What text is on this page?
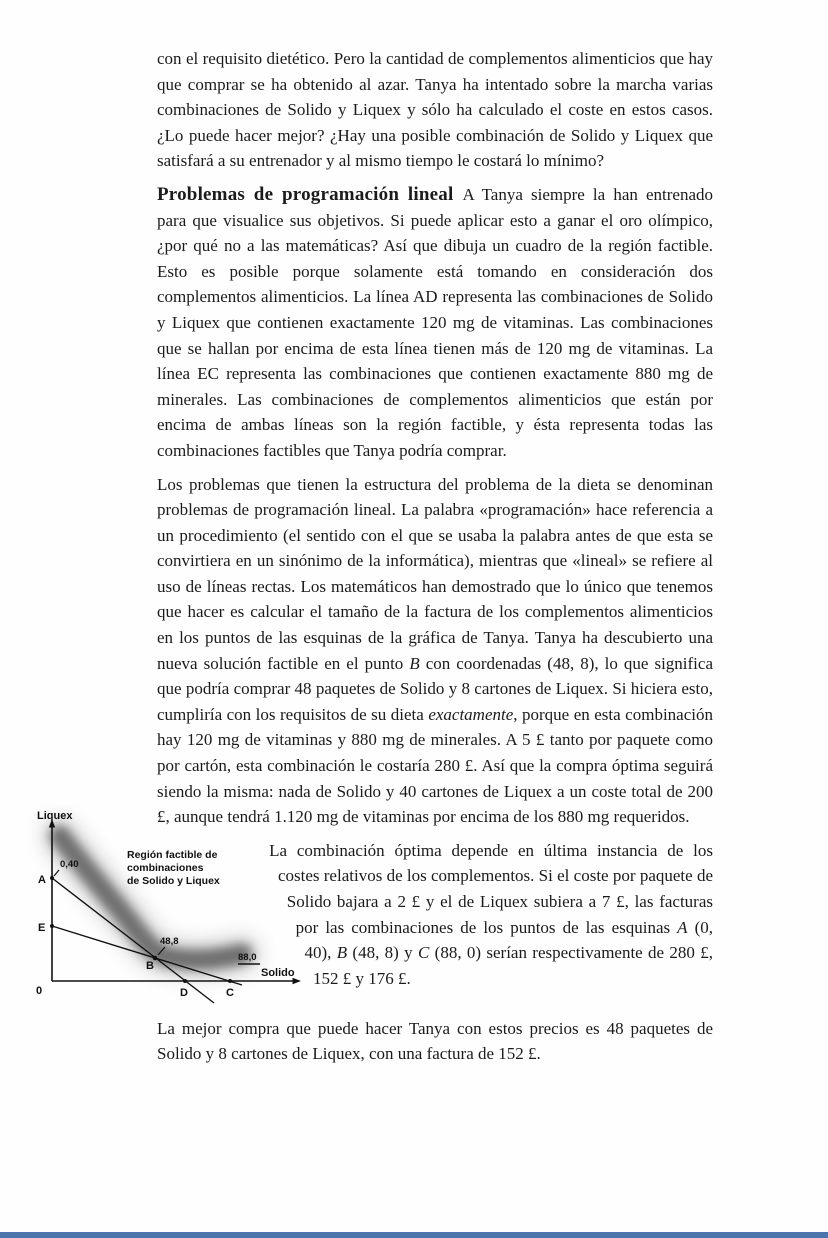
con el requisito dietético. Pero la cantidad de complementos alimenticios que hay que comprar se ha obtenido al azar. Tanya ha intentado sobre la marcha varias combinaciones de Solido y Liquex y sólo ha calculado el coste en estos casos. ¿Lo puede hacer mejor? ¿Hay una posible combinación de Solido y Liquex que satisfará a su entrenador y al mismo tiempo le costará lo mínimo?

Problemas de programación lineal A Tanya siempre la han entrenado para que visualice sus objetivos. Si puede aplicar esto a ganar el oro olímpico, ¿por qué no a las matemáticas? Así que dibuja un cuadro de la región factible. Esto es posible porque solamente está tomando en consideración dos complementos alimenticios. La línea AD representa las combinaciones de Solido y Liquex que contienen exactamente 120 mg de vitaminas. Las combinaciones que se hallan por encima de esta línea tienen más de 120 mg de vitaminas. La línea EC representa las combinaciones que contienen exactamente 880 mg de minerales. Las combinaciones de complementos alimenticios que están por encima de ambas líneas son la región factible, y ésta representa todas las combinaciones factibles que Tanya podría comprar.

Los problemas que tienen la estructura del problema de la dieta se denominan problemas de programación lineal. La palabra «programación» hace referencia a un procedimiento (el sentido con el que se usaba la palabra antes de que esta se convirtiera en un sinónimo de la informática), mientras que «lineal» se refiere al uso de líneas rectas. Los matemáticos han demostrado que lo único que tenemos que hacer es calcular el tamaño de la factura de los complementos alimenticios en los puntos de las esquinas de la gráfica de Tanya. Tanya ha descubierto una nueva solución factible en el punto B con coordenadas (48, 8), lo que significa que podría comprar 48 paquetes de Solido y 8 cartones de Liquex. Si hiciera esto, cumpliría con los requisitos de su dieta exactamente, porque en esta combinación hay 120 mg de vitaminas y 880 mg de minerales. A 5 £ tanto por paquete como por cartón, esta combinación le costaría 280 £. Así que la compra óptima seguirá siendo la misma: nada de Solido y 40 cartones de Liquex a un coste total de 200 £, aunque tendrá 1.120 mg de vitaminas por encima de los 880 mg requeridos.

Liquex
Solido
Región factible de
combinaciones
de Solido y Liquex
A
0,40
E
B
48,8
D	C
88,0
0

La combinación óptima depende en última instancia de los costes relativos de los complementos. Si el coste por paquete de Solido bajara a 2 £ y el de Liquex subiera a 7 £, las facturas por las combinaciones de los puntos de las esquinas A (0, 40), B (48, 8) y C (88, 0) serían respectivamente de 280 £, 152 £ y 176 £.

La mejor compra que puede hacer Tanya con estos precios es 48 paquetes de Solido y 8 cartones de Liquex, con una factura de 152 £.
